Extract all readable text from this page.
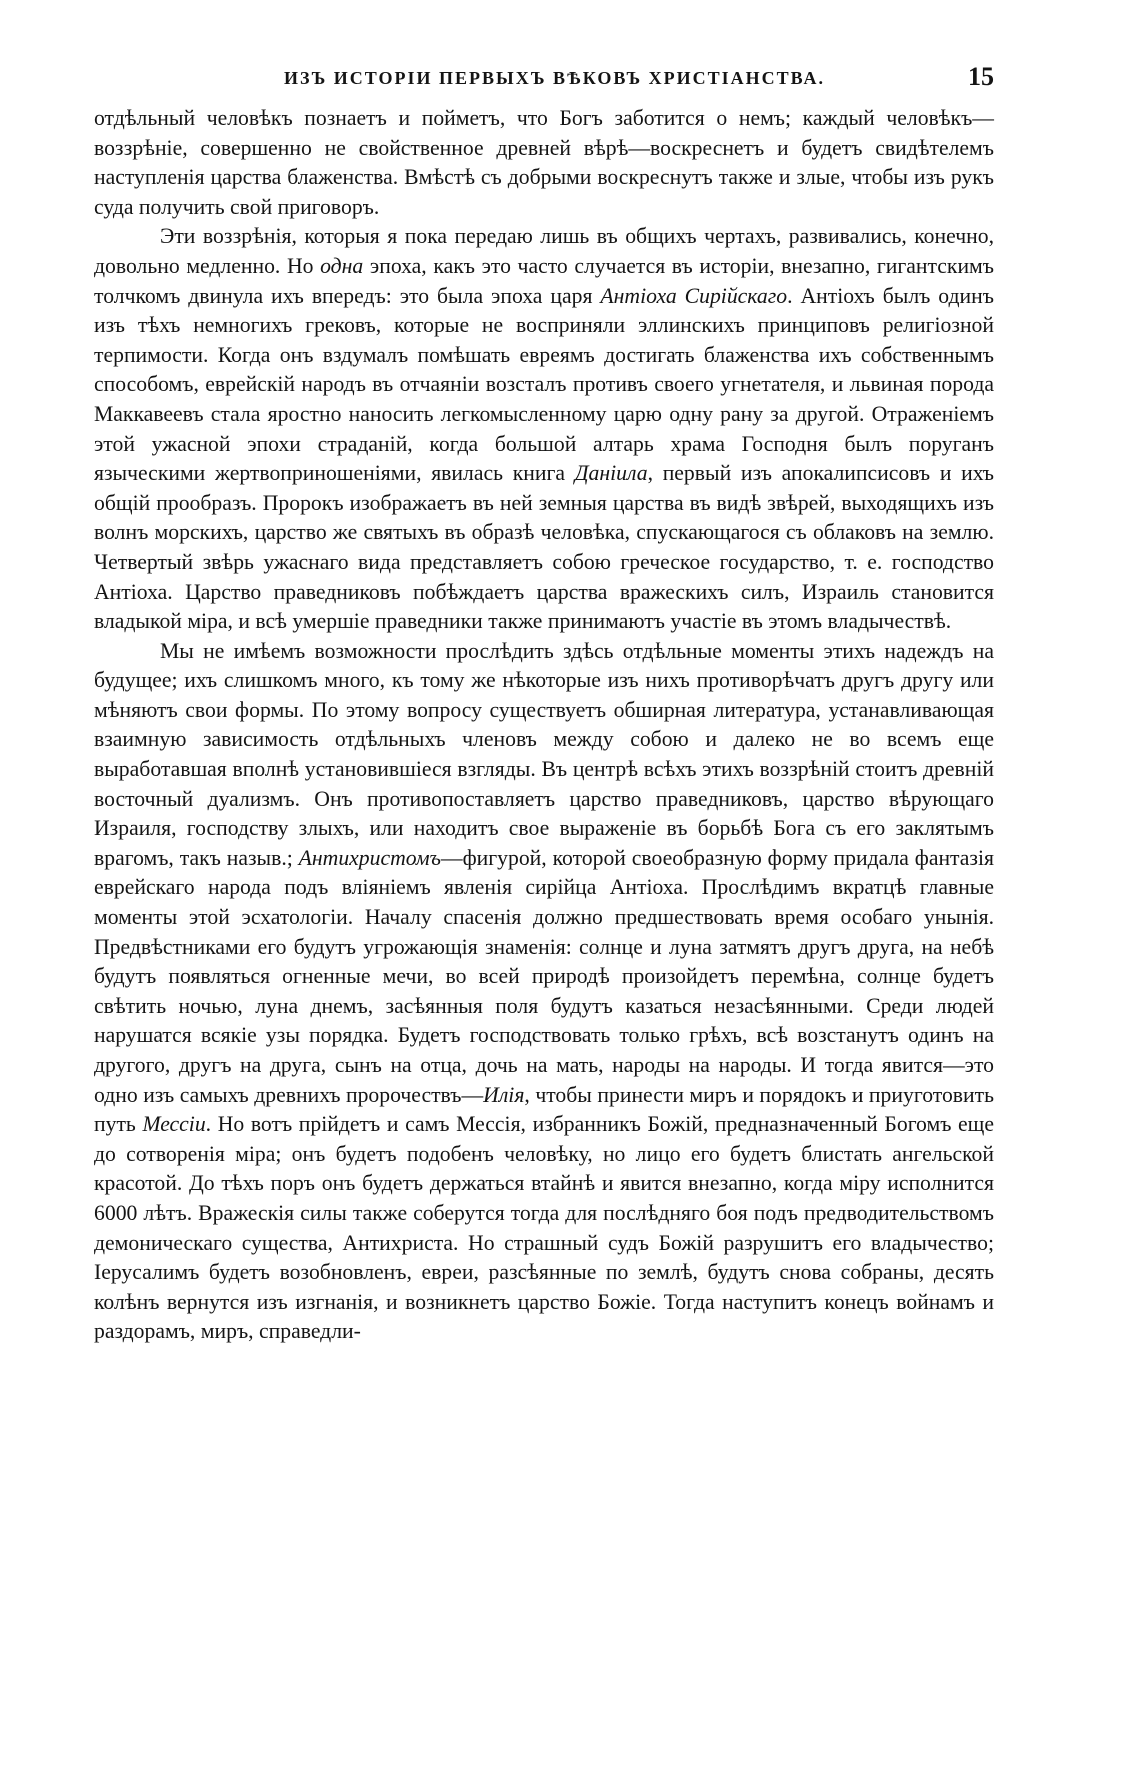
ИЗЪ ИСТОРІИ ПЕРВЫХЪ ВѢКОВЪ ХРИСТІАНСТВА.	15

отдѣльный человѣкъ познаетъ и пойметъ, что Богъ заботится о немъ; каждый человѣкъ—воззрѣніе, совершенно не свойственное древней вѣрѣ—воскреснетъ и будетъ свидѣтелемъ наступленія царства блаженства. Вмѣстѣ съ добрыми воскреснутъ также и злые, чтобы изъ рукъ суда получить свой приговоръ.

Эти воззрѣнія, которыя я пока передаю лишь въ общихъ чертахъ, развивались, конечно, довольно медленно. Но одна эпоха, какъ это часто случается въ исторіи, внезапно, гигантскимъ толчкомъ двинула ихъ впередъ: это была эпоха царя Антіоха Сирійскаго. Антіохъ былъ одинъ изъ тѣхъ немногихъ грековъ, которые не восприняли эллинскихъ принциповъ религіозной терпимости. Когда онъ вздумалъ помѣшать евреямъ достигать блаженства ихъ собственнымъ способомъ, еврейскій народъ въ отчаяніи возсталъ противъ своего угнетателя, и львиная порода Маккавеевъ стала яростно наносить легкомысленному царю одну рану за другой. Отраженіемъ этой ужасной эпохи страданій, когда большой алтарь храма Господня былъ поруганъ языческими жертвоприношеніями, явилась книга Даніила, первый изъ апокалипсисовъ и ихъ общій прообразъ. Пророкъ изображаетъ въ ней земныя царства въ видѣ звѣрей, выходящихъ изъ волнъ морскихъ, царство же святыхъ въ образѣ человѣка, спускающагося съ облаковъ на землю. Четвертый звѣрь ужаснаго вида представляетъ собою греческое государство, т. е. господство Антіоха. Царство праведниковъ побѣждаетъ царства вражескихъ силъ, Израиль становится владыкой міра, и всѣ умершіе праведники также принимаютъ участіе въ этомъ владычествѣ.

Мы не имѣемъ возможности прослѣдить здѣсь отдѣльные моменты этихъ надеждъ на будущее; ихъ слишкомъ много, къ тому же нѣкоторые изъ нихъ противорѣчатъ другъ другу или мѣняютъ свои формы. По этому вопросу существуетъ обширная литература, устанавливающая взаимную зависимость отдѣльныхъ членовъ между собою и далеко не во всемъ еще выработавшая вполнѣ установившіеся взгляды. Въ центрѣ всѣхъ этихъ воззрѣній стоитъ древній восточный дуализмъ. Онъ противопоставляетъ царство праведниковъ, царство вѣрующаго Израиля, господству злыхъ, или находитъ свое выраженіе въ борьбѣ Бога съ его заклятымъ врагомъ, такъ назыв.; Антихристомъ—фигурой, которой своеобразную форму придала фантазія еврейскаго народа подъ вліяніемъ явленія сирійца Антіоха. Прослѣдимъ вкратцѣ главные моменты этой эсхатологіи. Началу спасенія должно предшествовать время особаго унынія. Предвѣстниками его будутъ угрожающія знаменія: солнце и луна затмятъ другъ друга, на небѣ будутъ появляться огненные мечи, во всей природѣ произойдетъ перемѣна, солнце будетъ свѣтить ночью, луна днемъ, засѣянныя поля будутъ казаться незасѣянными. Среди людей нарушатся всякіе узы порядка. Будетъ господствовать только грѣхъ, всѣ возстанутъ одинъ на другого, другъ на друга, сынъ на отца, дочь на мать, народы на народы. И тогда явится—это одно изъ самыхъ древнихъ пророчествъ—Илія, чтобы принести миръ и порядокъ и приуготовить путь Мессіи. Но вотъ прійдетъ и самъ Мессія, избранникъ Божій, предназначенный Богомъ еще до сотворенія міра; онъ будетъ подобенъ человѣку, но лицо его будетъ блистать ангельской красотой. До тѣхъ поръ онъ будетъ держаться втайнѣ и явится внезапно, когда міру исполнится 6000 лѣтъ. Вражескія силы также соберутся тогда для послѣдняго боя подъ предводительствомъ демоническаго существа, Антихриста. Но страшный судъ Божій разрушитъ его владычество; Іерусалимъ будетъ возобновленъ, евреи, разсѣянные по землѣ, будутъ снова собраны, десять колѣнъ вернутся изъ изгнанія, и возникнетъ царство Божіе. Тогда наступитъ конецъ войнамъ и раздорамъ, миръ, справедли-
